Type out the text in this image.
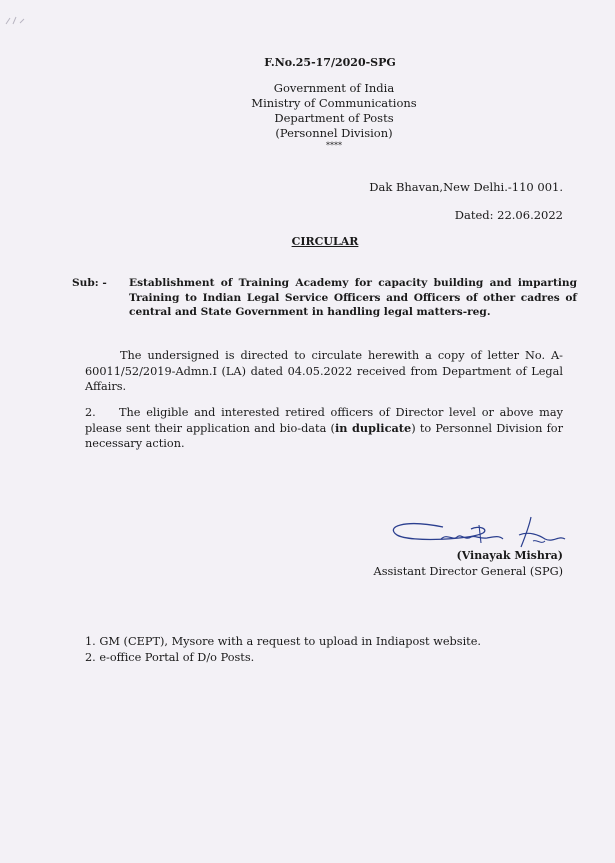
F.No.25-17/2020-SPG
Government of India
Ministry of Communications
Department of Posts
(Personnel Division)
****
Dak Bhavan,New Delhi.-110 001.
Dated: 22.06.2022
CIRCULAR
Sub: - Establishment of Training Academy for capacity building and imparting Training to Indian Legal Service Officers and Officers of other cadres of central and State Government in handling legal matters-reg.
The undersigned is directed to circulate herewith a copy of letter No. A-60011/52/2019-Admn.I (LA) dated 04.05.2022 received from Department of Legal Affairs.
2. The eligible and interested retired officers of Director level or above may please sent their application and bio-data (in duplicate) to Personnel Division for necessary action.
(Vinayak Mishra)
Assistant Director General (SPG)
1. GM (CEPT), Mysore with a request to upload in Indiapost website.
2. e-office Portal of D/o Posts.
